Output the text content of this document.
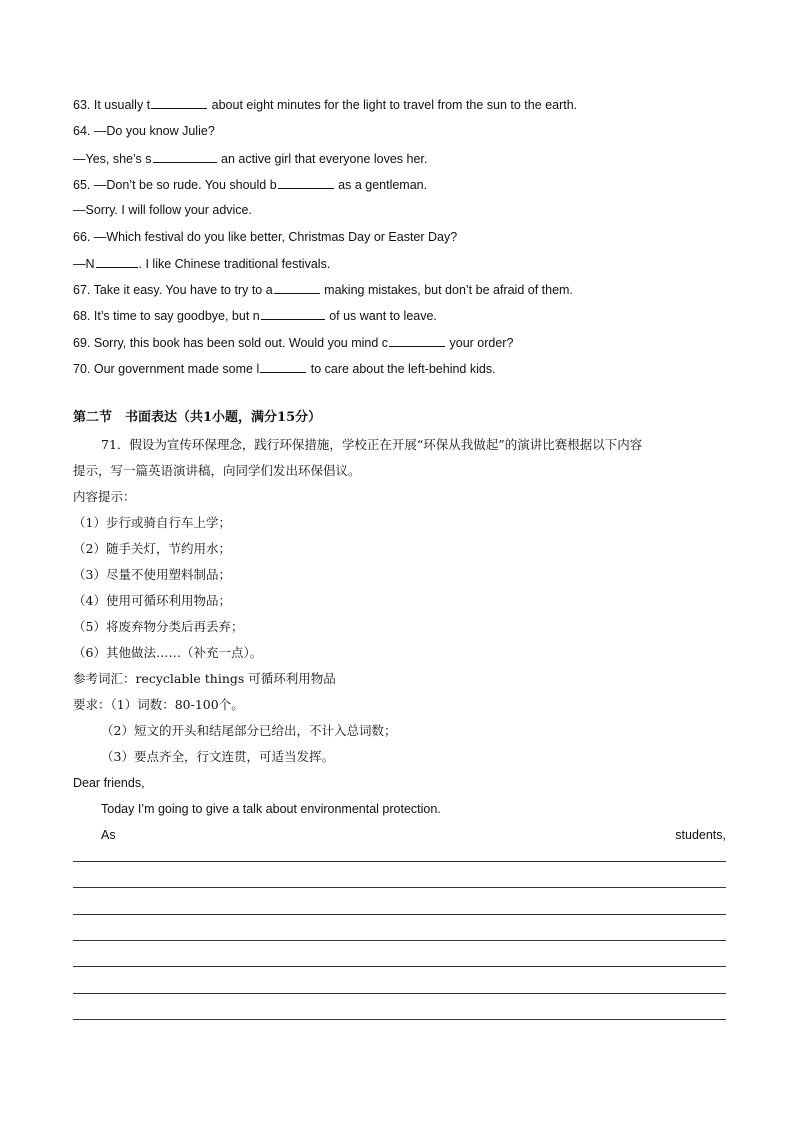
63. It usually t	about eight minutes for the light to travel from the sun to the earth.
64. —Do you know Julie?
—Yes, she’s s	an active girl that everyone loves her.
65. —Don’t be so rude. You should b	as a gentleman.
—Sorry. I will follow your advice.
66. —Which festival do you like better, Christmas Day or Easter Day?
—N	. I like Chinese traditional festivals.
67. Take it easy. You have to try to a	making mistakes, but don’t be afraid of them.
68. It’s time to say goodbye, but n	of us want to leave.
69. Sorry, this book has been sold out. Would you mind c	your order?
70. Our government made some l	to care about the left-behind kids.
第二节　书面表达（共1小题，满分15分）
71．假设为宣传环保理念，践行环保措施，学校正在开展“环保从我做起”的演讲比赛根据以下内容
提示，写一篇英语演讲稿，向同学们发出环保倡议。
内容提示：
（1）步行或骑自行车上学；
（2）随手关灯，节约用水；
（3）尽量不使用塑料制品；
（4）使用可循环利用物品；
（5）将废弃物分类后再丢弃；
（6）其他做法……（补充一点）。
参考词汇：recyclable things 可循环利用物品
要求：（1）词数：80-100个。
（2）短文的开头和结尾部分已给出，不计入总词数；
（3）要点齐全，行文连贯，可适当发挥。
Dear friends,
Today I’m going to give a talk about environmental protection.
As	students,
